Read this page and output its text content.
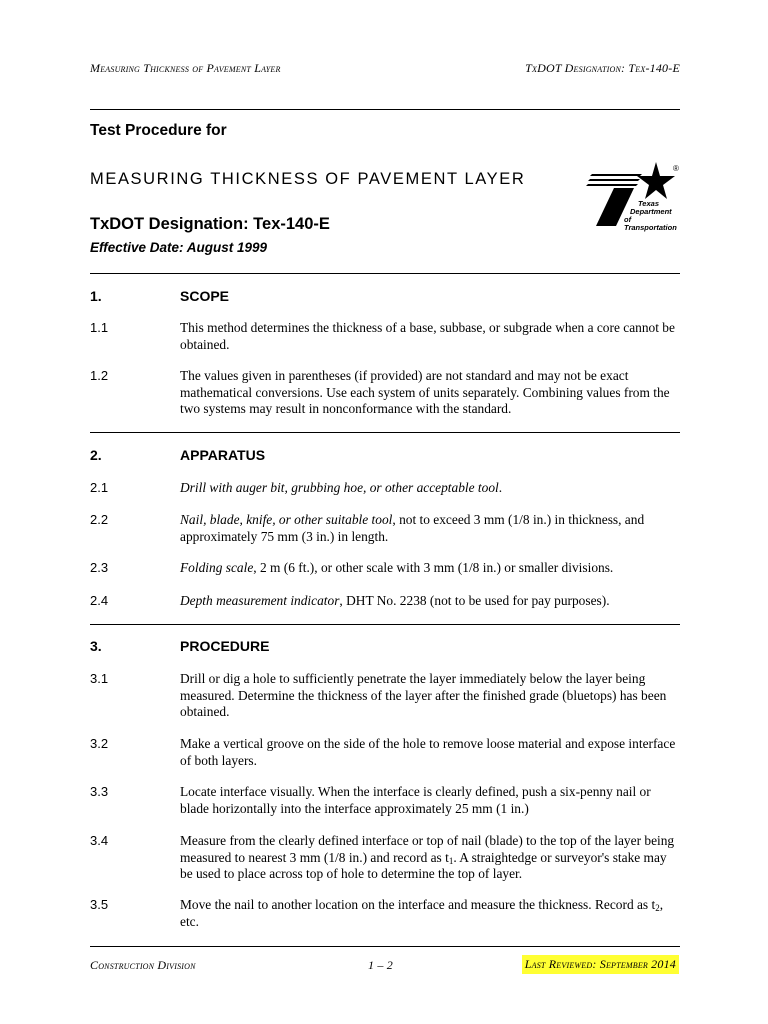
Measuring Thickness of Pavement Layer	TxDOT Designation: Tex-140-E
Test Procedure for
MEASURING THICKNESS OF PAVEMENT LAYER
TxDOT Designation: Tex-140-E
Effective Date: August 1999
®
Texas
Department
of Transportation
1.	SCOPE
1.1	This method determines the thickness of a base, subbase, or subgrade when a core cannot be obtained.
1.2	The values given in parentheses (if provided) are not standard and may not be exact mathematical conversions. Use each system of units separately. Combining values from the two systems may result in nonconformance with the standard.
2.	APPARATUS
2.1	Drill with auger bit, grubbing hoe, or other acceptable tool.
2.2	Nail, blade, knife, or other suitable tool, not to exceed 3 mm (1/8 in.) in thickness, and approximately 75 mm (3 in.) in length.
2.3	Folding scale, 2 m (6 ft.), or other scale with 3 mm (1/8 in.) or smaller divisions.
2.4	Depth measurement indicator, DHT No. 2238 (not to be used for pay purposes).
3.	PROCEDURE
3.1	Drill or dig a hole to sufficiently penetrate the layer immediately below the layer being measured. Determine the thickness of the layer after the finished grade (bluetops) has been obtained.
3.2	Make a vertical groove on the side of the hole to remove loose material and expose interface of both layers.
3.3	Locate interface visually. When the interface is clearly defined, push a six-penny nail or blade horizontally into the interface approximately 25 mm (1 in.)
3.4	Measure from the clearly defined interface or top of nail (blade) to the top of the layer being measured to nearest 3 mm (1/8 in.) and record as $t_1$. A straightedge or surveyor's stake may be used to place across top of hole to determine the top of layer.
3.5	Move the nail to another location on the interface and measure the thickness. Record as $t_2$, etc.
Construction Division	1 – 2	Last Reviewed: September 2014
